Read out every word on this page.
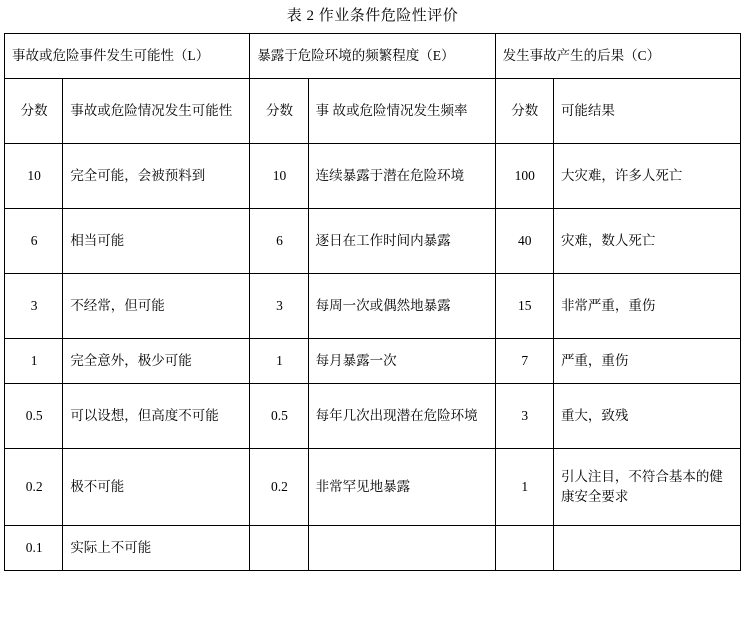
表 2 作业条件危险性评价
事故或危险事件发生可能性（L）		暴露于危险环境的频繁程度（E）		发生事故产生的后果（C）	
分数	事故或危险情况发生可能性	分数	事 故或危险情况发生频率	分数	可能结果
10	完全可能，会被预料到	10	连续暴露于潜在危险环境	100	大灾难，许多人死亡
6	相当可能	6	逐日在工作时间内暴露	40	灾难，数人死亡
3	不经常，但可能	3	每周一次或偶然地暴露	15	非常严重，重伤
1	完全意外，极少可能	1	每月暴露一次	7	严重，重伤
0.5	可以设想，但高度不可能	0.5	每年几次出现潜在危险环境	3	重大，致残
0.2	极不可能	0.2	非常罕见地暴露	1	引人注目，不符合基本的健康安全要求
0.1	实际上不可能				
